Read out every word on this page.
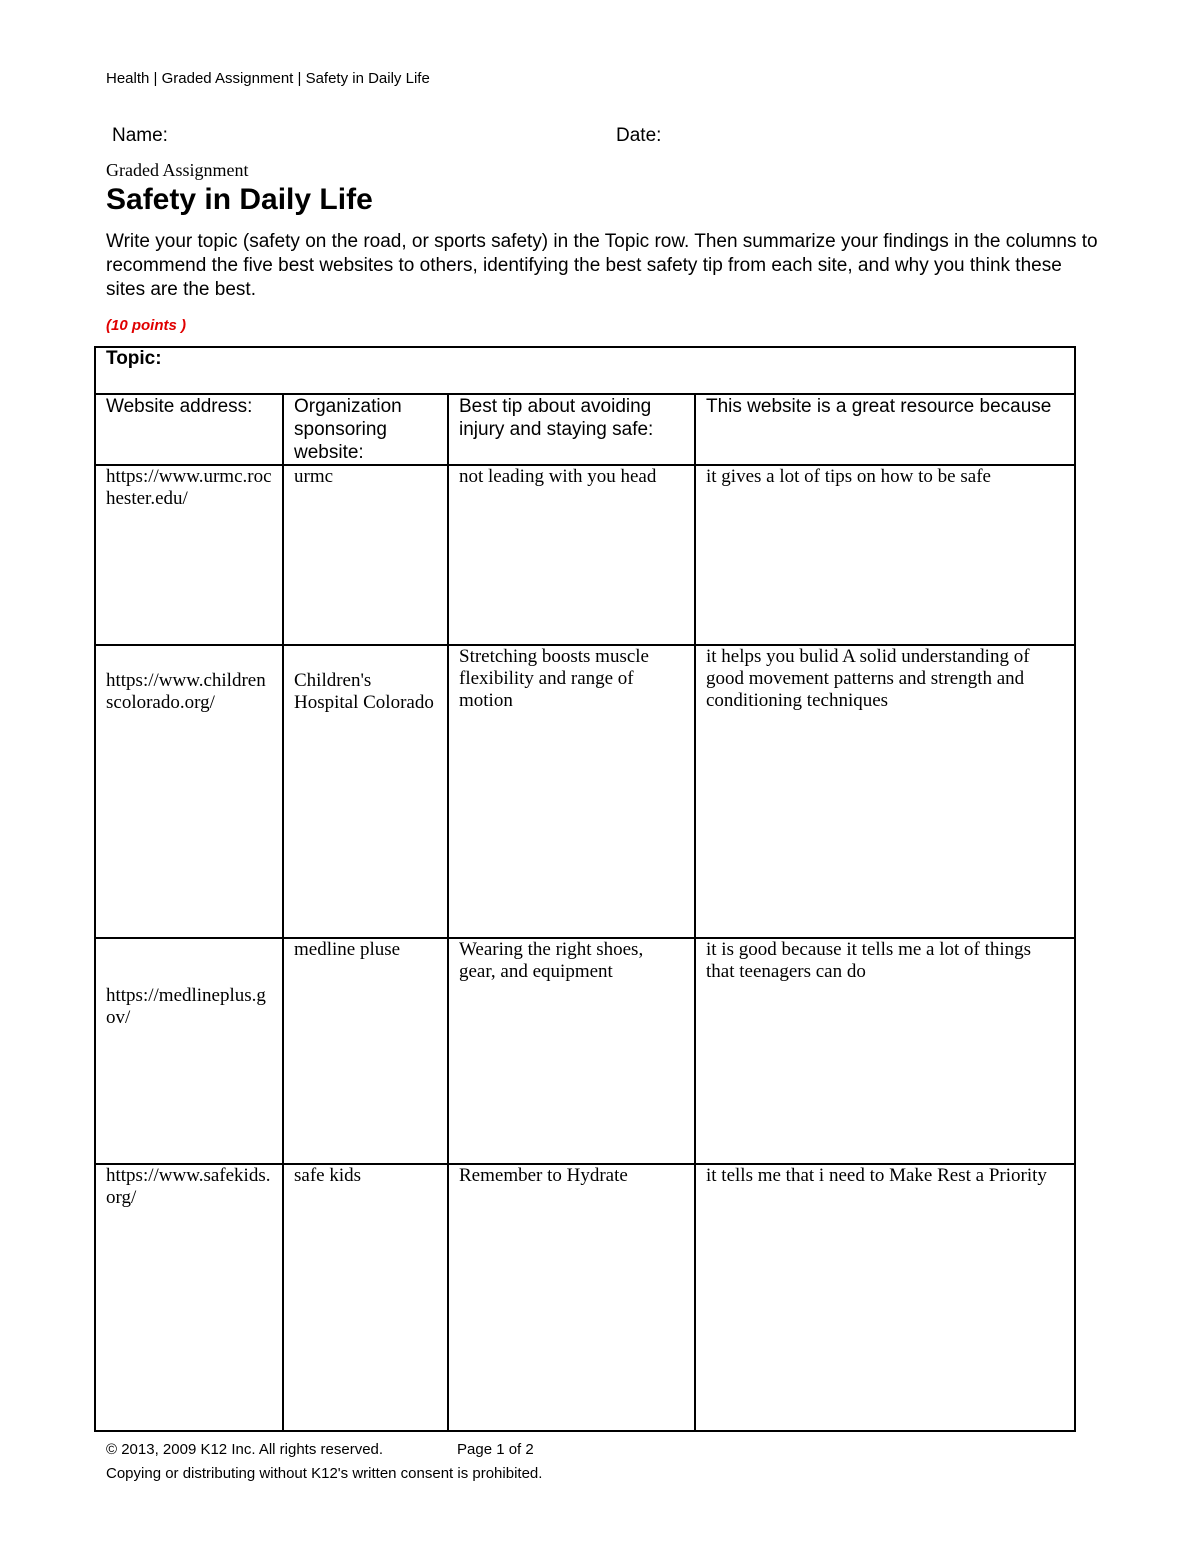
Health | Graded Assignment | Safety in Daily Life
Name:	Date:
Graded Assignment
Safety in Daily Life
Write your topic (safety on the road, or sports safety) in the Topic row. Then summarize your findings in the columns to recommend the five best websites to others, identifying the best safety tip from each site, and why you think these sites are the best.
(10 points )
Topic:			
Website address:	Organization sponsoring website:	Best tip about avoiding injury and staying safe:	This website is a great resource because
https://www.urmc.rochester.edu/	urmc	not leading with you head	it gives a lot of tips on how to be safe
https://www.childrenscolorado.org/	Children's Hospital Colorado	Stretching boosts muscle flexibility and range of motion	it helps you bulid A solid understanding of good movement patterns and strength and conditioning techniques
https://medlineplus.gov/	medline pluse	Wearing the right shoes, gear, and equipment	it is good because it tells me a lot of things that teenagers can do
https://www.safekids.org/	safe kids	Remember to Hydrate	it tells me that i need to Make Rest a Priority
© 2013, 2009 K12 Inc. All rights reserved.	Page 1 of 2
Copying or distributing without K12's written consent is prohibited.
